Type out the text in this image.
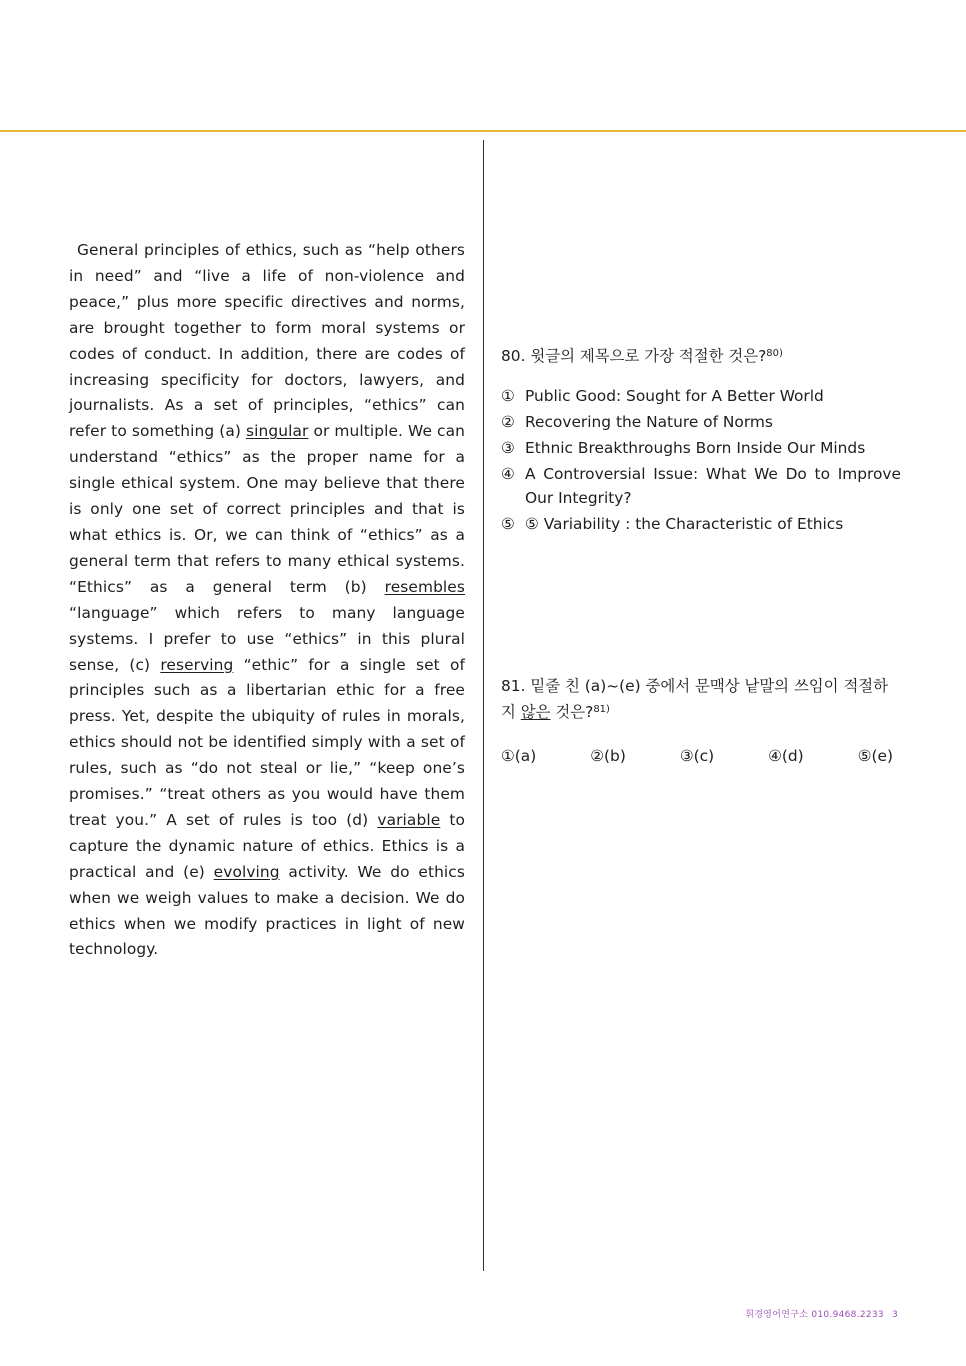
General principles of ethics, such as “help others in need” and “live a life of non-violence and peace,” plus more specific directives and norms, are brought together to form moral systems or codes of conduct. In addition, there are codes of increasing specificity for doctors, lawyers, and journalists. As a set of principles, “ethics” can refer to something (a) singular or multiple. We can understand “ethics” as the proper name for a single ethical system. One may believe that there is only one set of correct principles and that is what ethics is. Or, we can think of “ethics” as a general term that refers to many ethical systems. “Ethics” as a general term (b) resembles “language” which refers to many language systems. I prefer to use “ethics” in this plural sense, (c) reserving “ethic” for a single set of principles such as a libertarian ethic for a free press. Yet, despite the ubiquity of rules in morals, ethics should not be identified simply with a set of rules, such as “do not steal or lie,” “keep one’s promises.” “treat others as you would have them treat you.” A set of rules is too (d) variable to capture the dynamic nature of ethics. Ethics is a practical and (e) evolving activity. We do ethics when we weigh values to make a decision. We do ethics when we modify practices in light of new technology.

80. 윗글의 제목으로 가장 적절한 것은?$^{80)}$
① Public Good: Sought for A Better World
② Recovering the Nature of Norms
③ Ethnic Breakthroughs Born Inside Our Minds
④ A Controversial Issue: What We Do to Improve Our Integrity?
⑤ ⑤ Variability : the Characteristic of Ethics
81. 밑줄 친 (a)~(e) 중에서 문맥상 낱말의 쓰임이 적절하지 않은 것은?$^{81)}$
①(a)	②(b)	③(c)	④(d)	⑤(e)
휘경영어연구소 010.9468.2233 3
